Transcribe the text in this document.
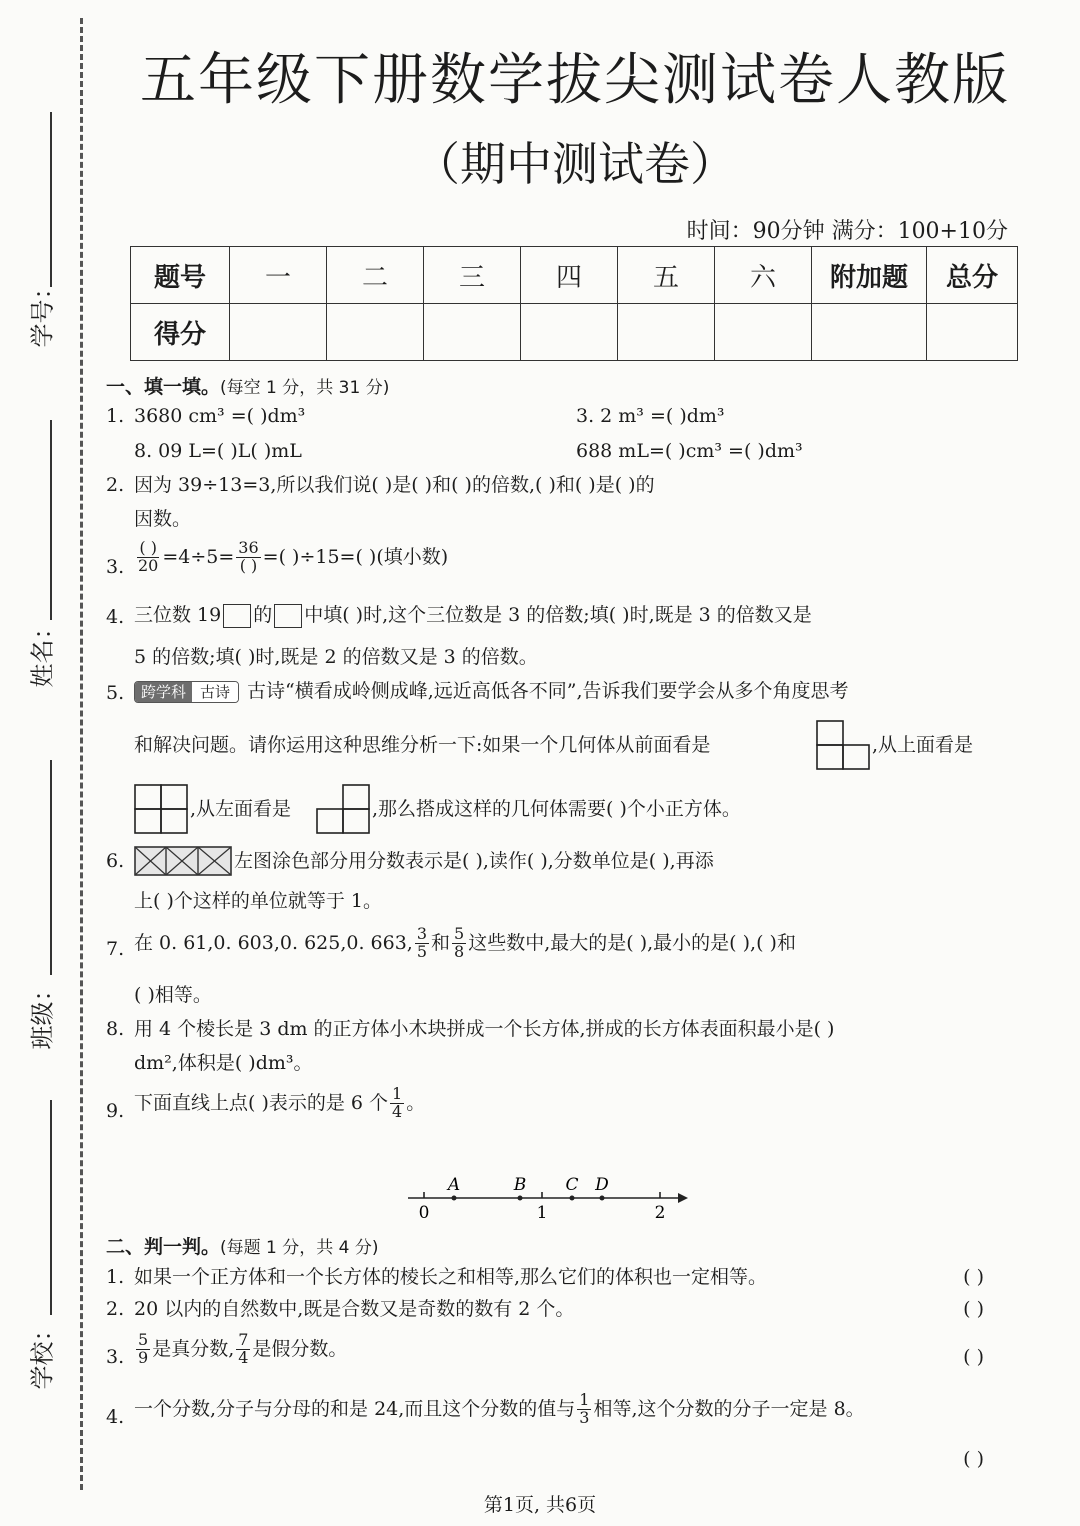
学号：
姓名：
班级：
学校：
五年级下册数学拔尖测试卷人教版
（期中测试卷）
时间：90分钟 满分：100+10分
题号	一	二	三	四	五	六	附加题	总分
得分								
一、填一填。(每空 1 分，共 31 分)
1. 3680 cm³ =( )dm³	3. 2 m³ =( )dm³
8. 09 L=( )L( )mL	688 mL=( )cm³ =( )dm³
2. 因为 39÷13=3,所以我们说( )是( )和( )的倍数,( )和( )是( )的
因数。
3. $\frac{( )}{20} =4\div 5= \frac{36}{( )}$ =( )÷15=( )(填小数)
4. 三位数 19 的 中填( )时,这个三位数是 3 的倍数;填( )时,既是 3 的倍数又是
5 的倍数;填( )时,既是 2 的倍数又是 3 的倍数。
5.	跨学科 古诗 古诗“横看成岭侧成峰,远近高低各不同”,告诉我们要学会从多个角度思考
和解决问题。请你运用这种思维分析一下:如果一个几何体从前面看是	,从上面看是
,从左面看是	,那么搭成这样的几何体需要( )个小正方体。
6.	左图涂色部分用分数表示是( ),读作( ),分数单位是( ),再添
上( )个这样的单位就等于 1。
7. 在 0. 61,0. 603,0. 625,0. 663, $\frac{3}{5}$ 和 $\frac{5}{8}$ 这些数中,最大的是( ),最小的是( ),( )和
( )相等。
8. 用 4 个棱长是 3 dm 的正方体小木块拼成一个长方体,拼成的长方体表面积最小是( )
dm²,体积是( )dm³。
9. 下面直线上点( )表示的是 6 个 $\frac{1}{4}$ 。
A	B C D
0	1	2
二、判一判。(每题 1 分，共 4 分)
1. 如果一个正方体和一个长方体的棱长之和相等,那么它们的体积也一定相等。	( )
2. 20 以内的自然数中,既是合数又是奇数的数有 2 个。	( )
3. $\frac{5}{9}$ 是真分数, $\frac{7}{4}$ 是假分数。	( )
4. 一个分数,分子与分母的和是 24,而且这个分数的值与 $\frac{1}{3}$ 相等,这个分数的分子一定是 8。
( )
第1页, 共6页
